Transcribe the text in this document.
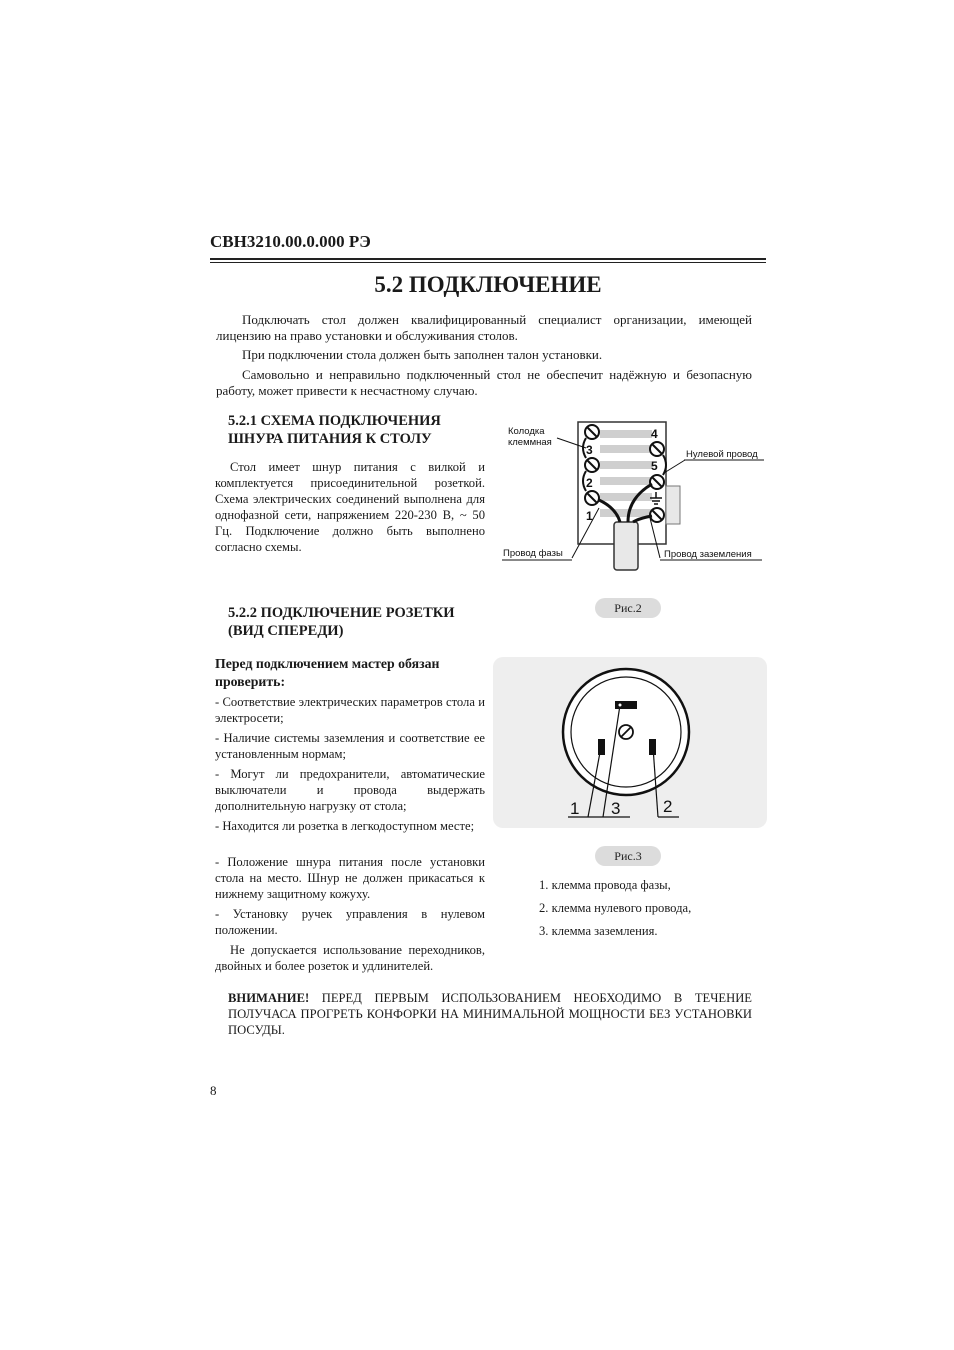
СВН3210.00.0.000 РЭ
5.2 ПОДКЛЮЧЕНИЕ

Подключать стол должен квалифицированный специалист организации, имеющей лицензию на право установки и обслуживания столов.

При подключении стола должен быть заполнен талон установки.

Самовольно и неправильно подключенный стол не обеспечит надёжную и безопасную работу, может привести к несчастному случаю.

5.2.1 СХЕМА ПОДКЛЮЧЕНИЯ

ШНУРА ПИТАНИЯ К СТОЛУ

Стол имеет шнур питания с вилкой и комплектуется присоединительной розеткой. Схема электрических соединений выполнена для однофазной сети, напряжением 220-230 В, ~ 50 Гц. Подключение должно быть выполнено согласно схемы.

4
3
5
2
1
Колодка
клеммная
Нулевой провод
Провод фазы	Провод заземления
Рис.2

5.2.2 ПОДКЛЮЧЕНИЕ РОЗЕТКИ

(ВИД СПЕРЕДИ)

Перед подключением мастер обязан

проверить:

- Соответствие электрических параметров стола и электросети;

- Наличие системы заземления и соответствие ее установленным нормам;

- Могут ли предохранители, автоматические выключатели и провода выдержать дополнительную нагрузку от стола;

- Находится ли розетка в легкодоступном месте;

- Положение шнура питания после установки стола на место. Шнур не должен прикасаться к нижнему защитному кожуху.

- Установку ручек управления в нулевом положении.

Не допускается использование переходников, двойных и более розеток и удлинителей.

1 3	2
Рис.3

1. клемма провода фазы,

2. клемма нулевого провода,

3. клемма заземления.

ВНИМАНИЕ! ПЕРЕД ПЕРВЫМ ИСПОЛЬЗОВАНИЕМ НЕОБХОДИМО В ТЕЧЕНИЕ ПОЛУЧАСА ПРОГРЕТЬ КОНФОРКИ НА МИНИМАЛЬНОЙ МОЩНОСТИ БЕЗ УСТАНОВКИ ПОСУДЫ.

8
